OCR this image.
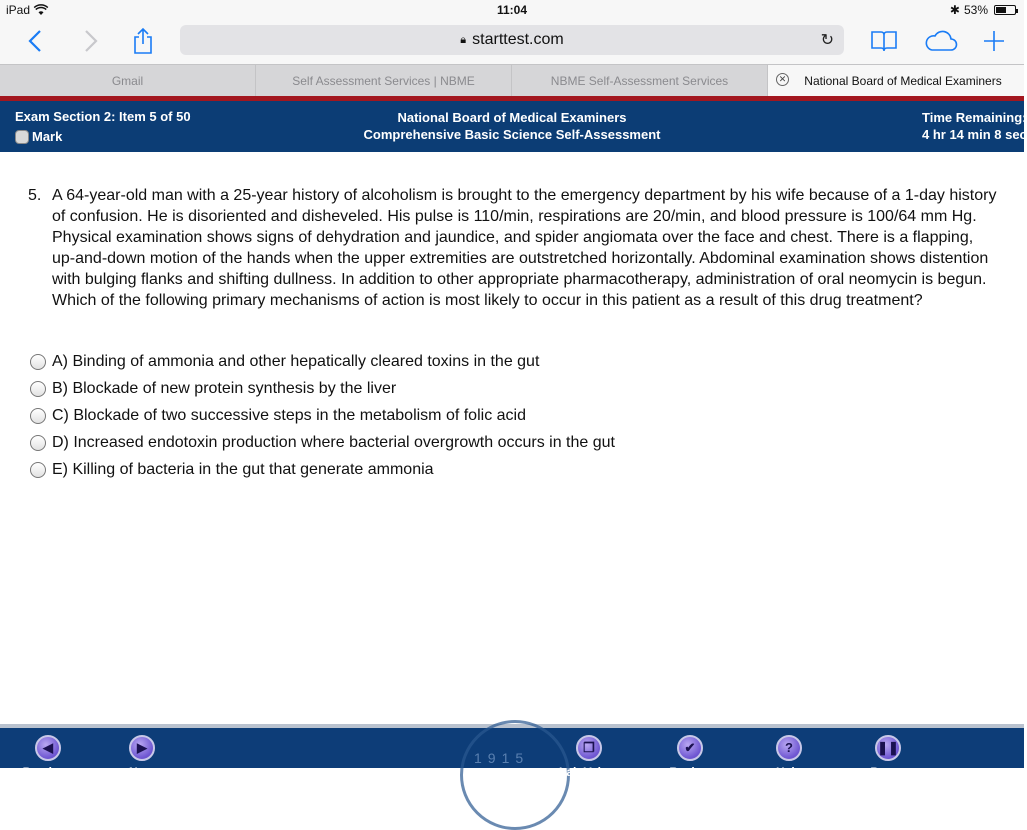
iPad	11:04	✱ 53%
🔒︎ starttest.com	↻
Gmail	Self Assessment Services | NBME	NBME Self-Assessment Services	✕ National Board of Medical Examiners
Exam Section 2: Item 5 of 50
Mark
National Board of Medical Examiners
Comprehensive Basic Science Self-Assessment
Time Remaining:
4 hr 14 min 8 sec
5. A 64-year-old man with a 25-year history of alcoholism is brought to the emergency department by his wife because of a 1-day history of confusion. He is disoriented and disheveled. His pulse is 110/min, respirations are 20/min, and blood pressure is 100/64 mm Hg. Physical examination shows signs of dehydration and jaundice, and spider angiomata over the face and chest. There is a flapping, up-and-down motion of the hands when the upper extremities are outstretched horizontally. Abdominal examination shows distention with bulging flanks and shifting dullness. In addition to other appropriate pharmacotherapy, administration of oral neomycin is begun. Which of the following primary mechanisms of action is most likely to occur in this patient as a result of this drug treatment?
A) Binding of ammonia and other hepatically cleared toxins in the gut
B) Blockade of new protein synthesis by the liver
C) Blockade of two successive steps in the metabolism of folic acid
D) Increased endotoxin production where bacterial overgrowth occurs in the gut
E) Killing of bacteria in the gut that generate ammonia
1915
◀
Previous
▶
Next
❐
Lab Values
✔
Review
?
Help
❚❚
Pause
